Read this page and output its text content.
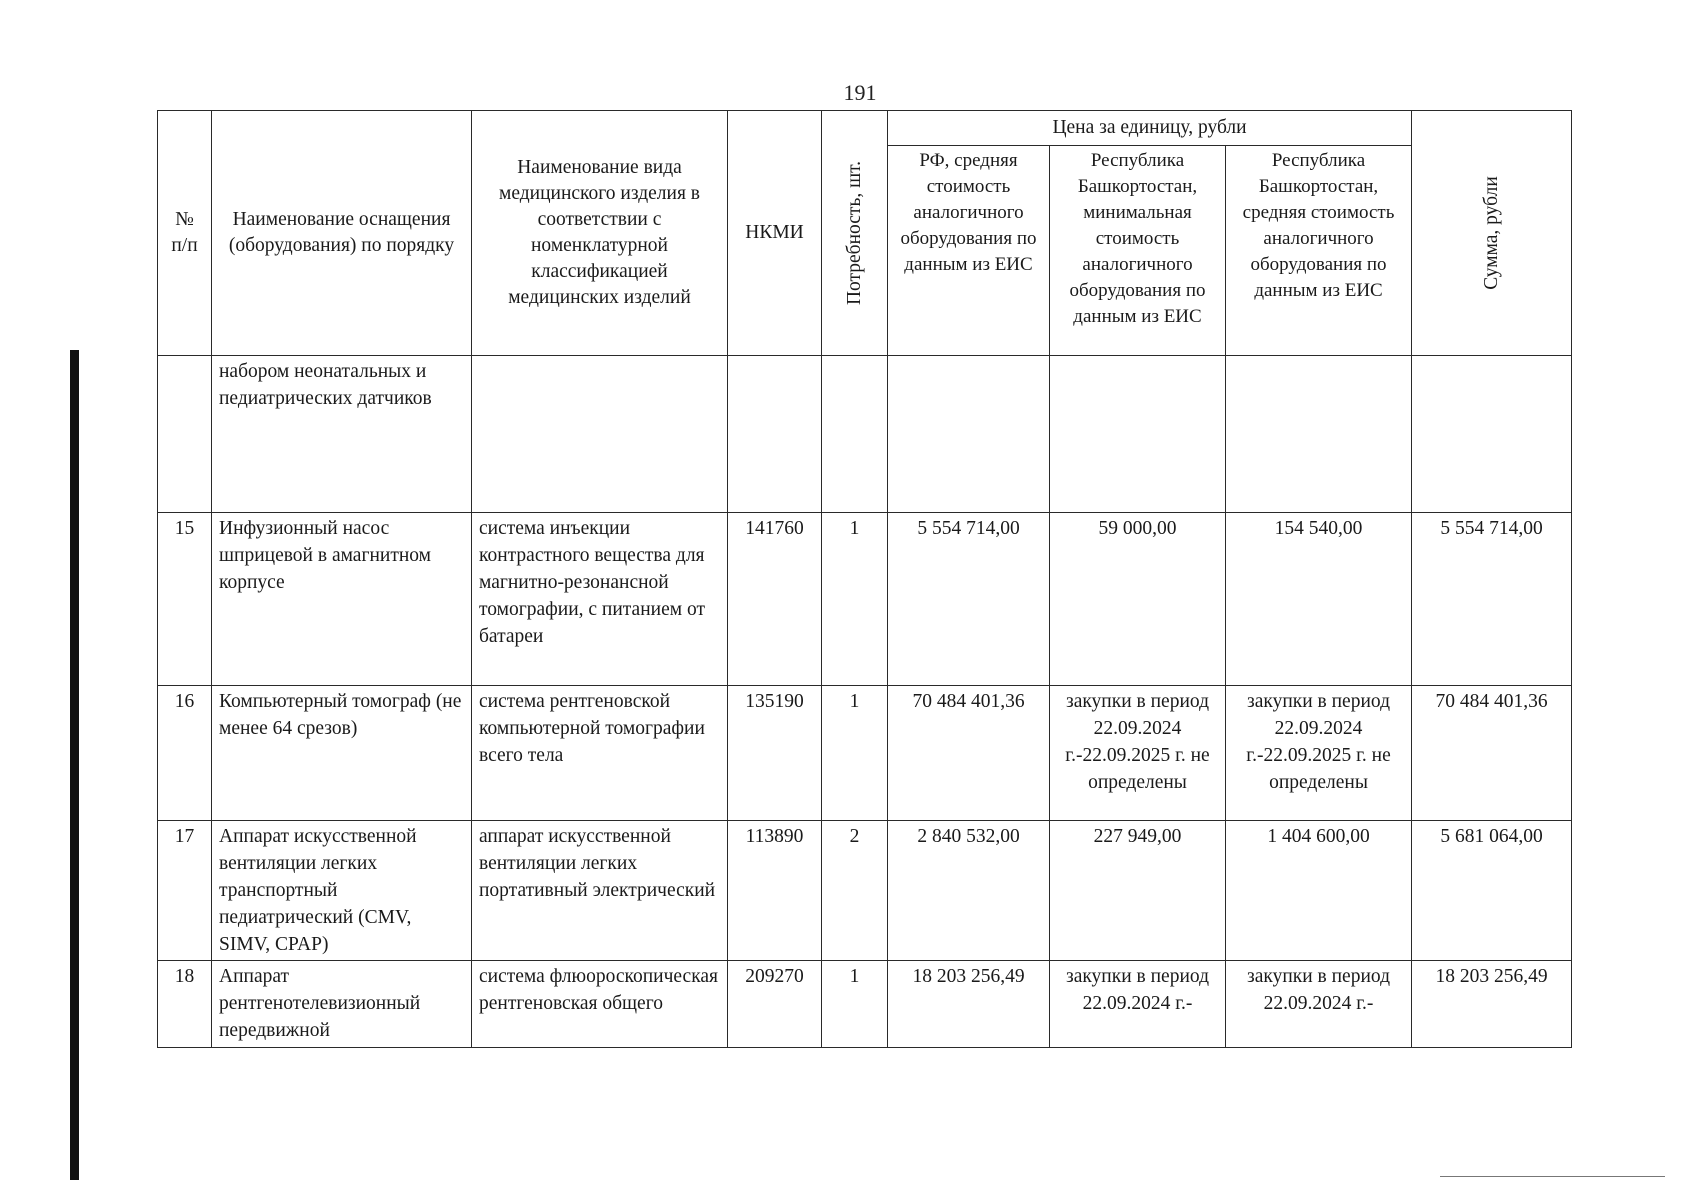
191
№ п/п	Наименование оснащения (оборудования) по порядку	Наименование вида медицинского изделия в соответствии с номенклатурной классификацией медицинских изделий	НКМИ	Потребность, шт.	Цена за единицу, рубли			Сумма, рубли

					РФ, средняя стоимость аналогичного оборудования по данным из ЕИС	Республика Башкортостан, минимальная стоимость аналогичного оборудования по данным из ЕИС	Республика Башкортостан, средняя стоимость аналогичного оборудования по данным из ЕИС	
	набором неонатальных и педиатрических датчиков							
15	Инфузионный насос шприцевой в амагнитном корпусе	система инъекции контрастного вещества для магнитно-резонансной томографии, с питанием от батареи	141760	1	5 554 714,00	59 000,00	154 540,00	5 554 714,00
16	Компьютерный томограф (не менее 64 срезов)	система рентгеновской компьютерной томографии всего тела	135190	1	70 484 401,36	закупки в период 22.09.2024 г.-22.09.2025 г. не определены	закупки в период 22.09.2024 г.-22.09.2025 г. не определены	70 484 401,36
17	Аппарат искусственной вентиляции легких транспортный педиатрический (CMV, SIMV, CPAP)	аппарат искусственной вентиляции легких портативный электрический	113890	2	2 840 532,00	227 949,00	1 404 600,00	5 681 064,00
18	Аппарат рентгенотелевизионный передвижной	система флюороскопическая рентгеновская общего	209270	1	18 203 256,49	закупки в период 22.09.2024 г.-	закупки в период 22.09.2024 г.-	18 203 256,49
